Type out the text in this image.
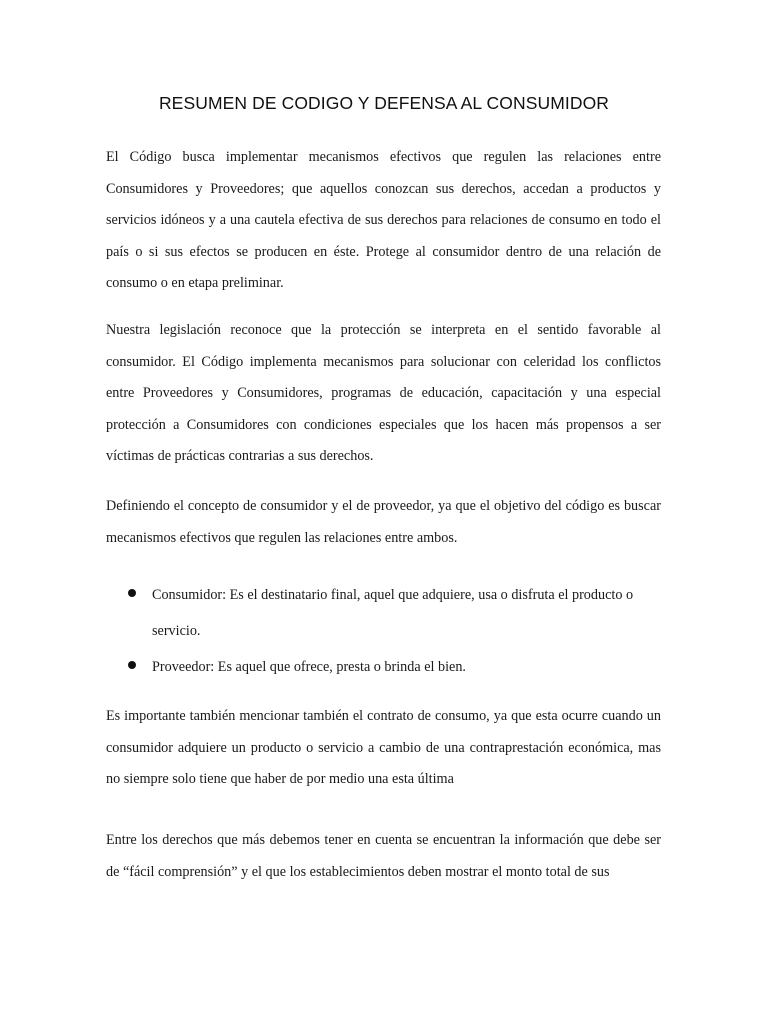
RESUMEN DE CODIGO Y DEFENSA AL CONSUMIDOR

El Código busca implementar mecanismos efectivos que regulen las relaciones entre Consumidores y Proveedores; que aquellos conozcan sus derechos, accedan a productos y servicios idóneos y a una cautela efectiva de sus derechos para relaciones de consumo en todo el país o si sus efectos se producen en éste. Protege al consumidor dentro de una relación de consumo o en etapa preliminar.

Nuestra legislación reconoce que la protección se interpreta en el sentido favorable al consumidor. El Código implementa mecanismos para solucionar con celeridad los conflictos entre Proveedores y Consumidores, programas de educación, capacitación y una especial protección a Consumidores con condiciones especiales que los hacen más propensos a ser víctimas de prácticas contrarias a sus derechos.

Definiendo el concepto de consumidor y el de proveedor, ya que el objetivo del código es buscar mecanismos efectivos que regulen las relaciones entre ambos.

Consumidor: Es el destinatario final, aquel que adquiere, usa o disfruta el producto o servicio.
Proveedor: Es aquel que ofrece, presta o brinda el bien.

Es importante también mencionar también el contrato de consumo, ya que esta ocurre cuando un consumidor adquiere un producto o servicio a cambio de una contraprestación económica, mas no siempre solo tiene que haber de por medio una esta última

Entre los derechos que más debemos tener en cuenta se encuentran la información que debe ser de “fácil comprensión” y el que los establecimientos deben mostrar el monto total de sus
